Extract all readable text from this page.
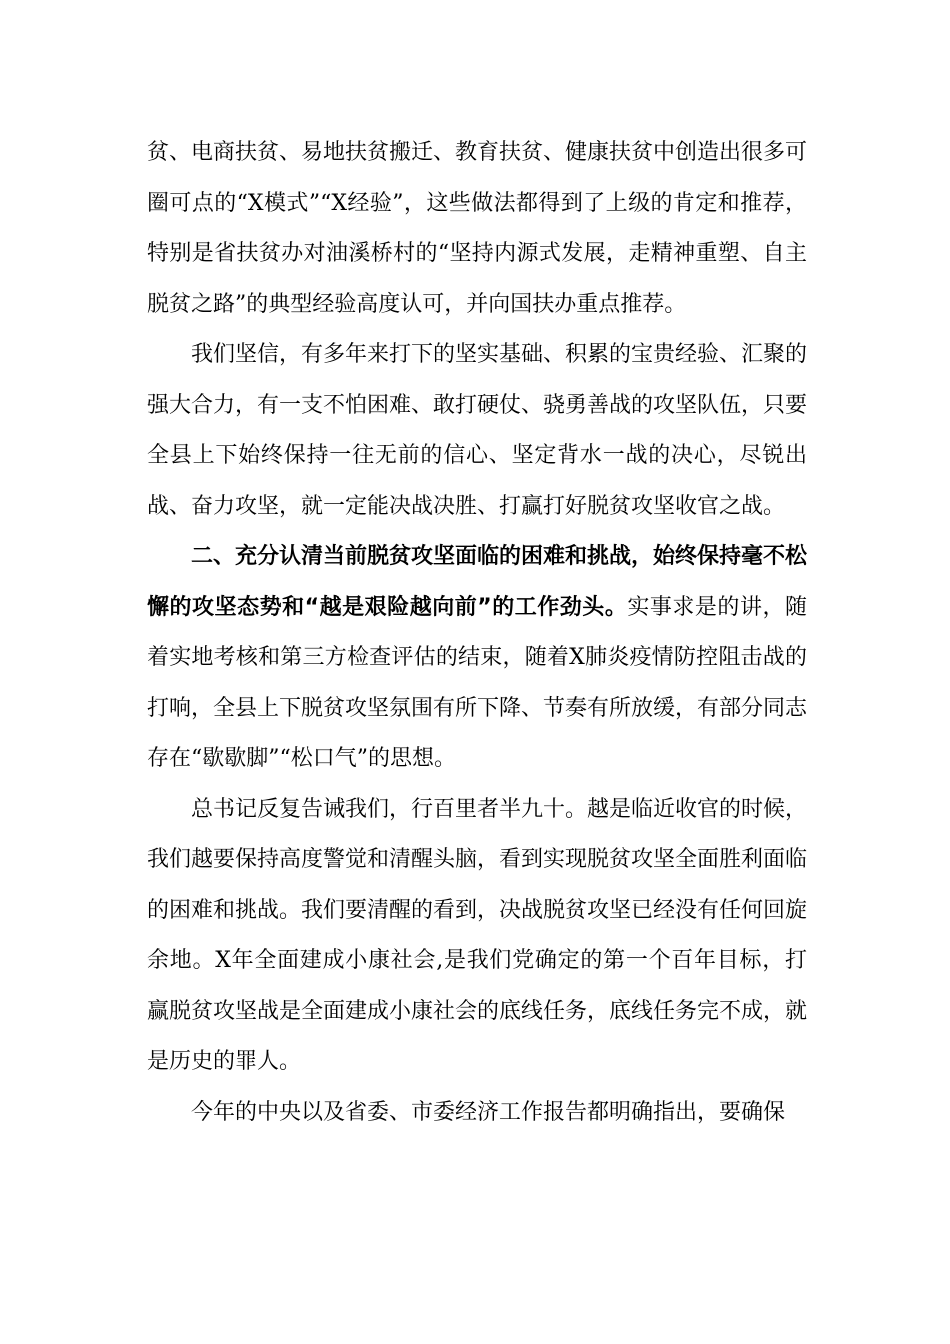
贫、电商扶贫、易地扶贫搬迁、教育扶贫、健康扶贫中创造出很多可圈可点的“X模式”“X经验”，这些做法都得到了上级的肯定和推荐，特别是省扶贫办对油溪桥村的“坚持内源式发展，走精神重塑、自主脱贫之路”的典型经验高度认可，并向国扶办重点推荐。

我们坚信，有多年来打下的坚实基础、积累的宝贵经验、汇聚的强大合力，有一支不怕困难、敢打硬仗、骁勇善战的攻坚队伍，只要全县上下始终保持一往无前的信心、坚定背水一战的决心，尽锐出战、奋力攻坚，就一定能决战决胜、打赢打好脱贫攻坚收官之战。

二、充分认清当前脱贫攻坚面临的困难和挑战，始终保持毫不松懈的攻坚态势和“越是艰险越向前”的工作劲头。实事求是的讲，随着实地考核和第三方检查评估的结束，随着X肺炎疫情防控阻击战的打响，全县上下脱贫攻坚氛围有所下降、节奏有所放缓，有部分同志存在“歇歇脚”“松口气”的思想。

总书记反复告诫我们，行百里者半九十。越是临近收官的时候，我们越要保持高度警觉和清醒头脑，看到实现脱贫攻坚全面胜利面临的困难和挑战。我们要清醒的看到，决战脱贫攻坚已经没有任何回旋余地。X年全面建成小康社会,是我们党确定的第一个百年目标，打赢脱贫攻坚战是全面建成小康社会的底线任务，底线任务完不成，就是历史的罪人。

今年的中央以及省委、市委经济工作报告都明确指出，要确保
